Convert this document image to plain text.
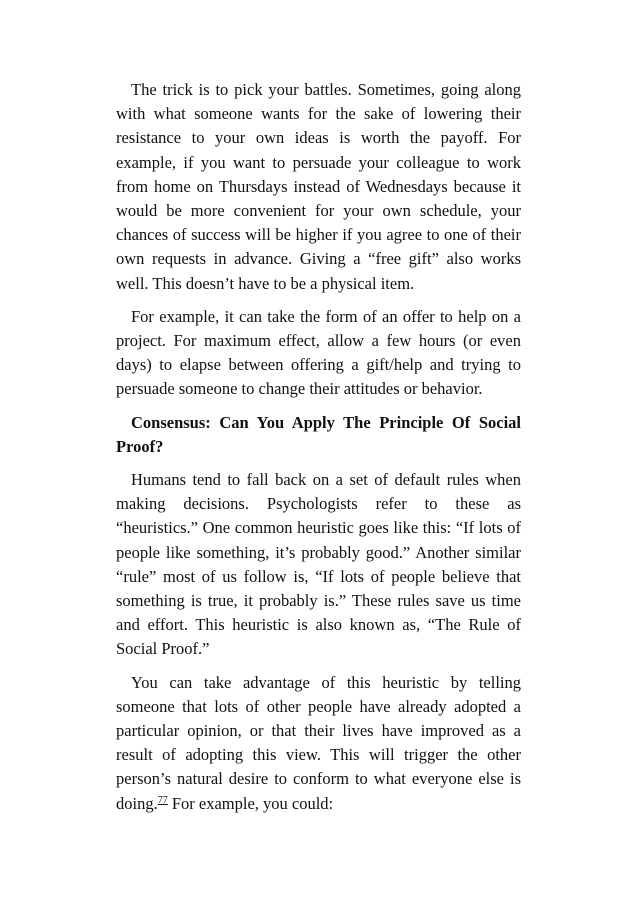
The trick is to pick your battles. Sometimes, going along with what someone wants for the sake of lowering their resistance to your own ideas is worth the payoff. For example, if you want to persuade your colleague to work from home on Thursdays instead of Wednesdays because it would be more convenient for your own schedule, your chances of success will be higher if you agree to one of their own requests in advance. Giving a “free gift” also works well. This doesn’t have to be a physical item.

For example, it can take the form of an offer to help on a project. For maximum effect, allow a few hours (or even days) to elapse between offering a gift/help and trying to persuade someone to change their attitudes or behavior.

Consensus: Can You Apply The Principle Of Social Proof?

Humans tend to fall back on a set of default rules when making decisions. Psychologists refer to these as “heuristics.” One common heuristic goes like this: “If lots of people like something, it’s probably good.” Another similar “rule” most of us follow is, “If lots of people believe that something is true, it probably is.” These rules save us time and effort. This heuristic is also known as, “The Rule of Social Proof.”

You can take advantage of this heuristic by telling someone that lots of other people have already adopted a particular opinion, or that their lives have improved as a result of adopting this view. This will trigger the other person’s natural desire to conform to what everyone else is doing.$^{77}$ For example, you could:
